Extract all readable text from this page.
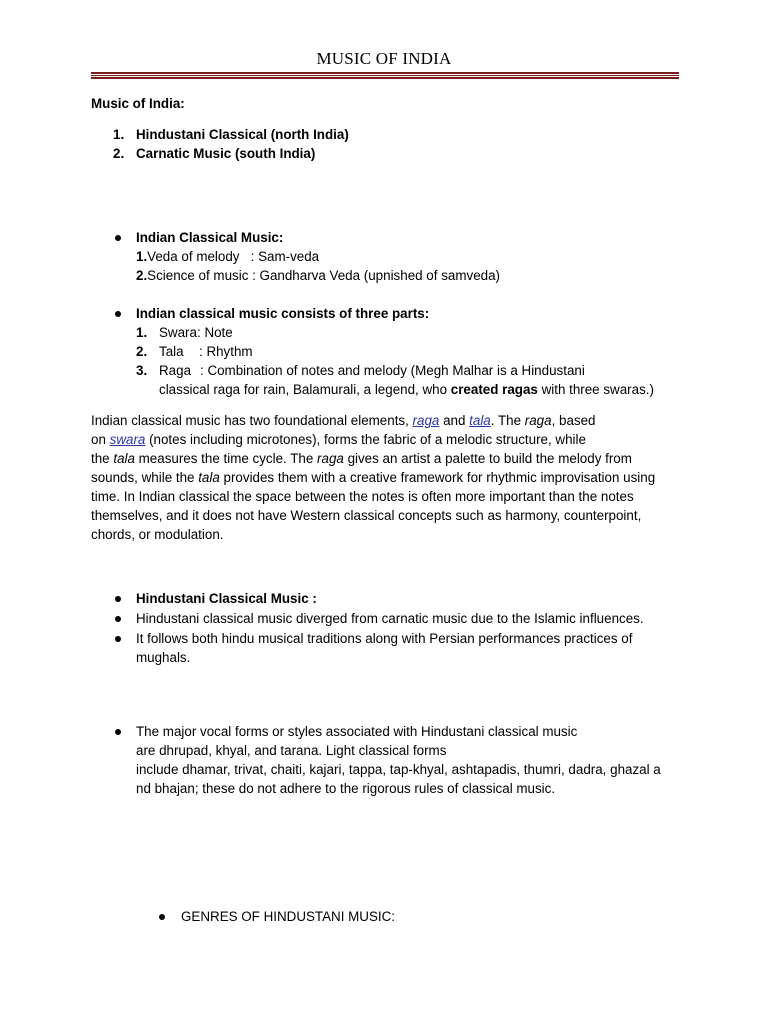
MUSIC OF INDIA
Music of India:
1. Hindustani Classical (north India)
2. Carnatic Music (south India)
Indian Classical Music:
1.Veda of melody   : Sam-veda
2.Science of music : Gandharva Veda (upnished of samveda)
Indian classical music consists of three parts:
1. Swara : Note
2. Tala : Rhythm
3. Raga : Combination of notes and melody (Megh Malhar is a Hindustani
classical raga for rain, Balamurali, a legend, who created ragas with three swaras.)
Indian classical music has two foundational elements, raga and tala. The raga, based
on swara (notes including microtones), forms the fabric of a melodic structure, while
the tala measures the time cycle. The raga gives an artist a palette to build the melody from
sounds, while the tala provides them with a creative framework for rhythmic improvisation using
time. In Indian classical the space between the notes is often more important than the notes
themselves, and it does not have Western classical concepts such as harmony, counterpoint,
chords, or modulation.
Hindustani Classical Music :
Hindustani classical music diverged from carnatic music due to the Islamic influences.
It follows both hindu musical traditions along with Persian performances practices of
mughals.
The major vocal forms or styles associated with Hindustani classical music
are dhrupad, khyal, and tarana. Light classical forms
include dhamar, trivat, chaiti, kajari, tappa, tap-khyal, ashtapadis, thumri, dadra, ghazal a
nd bhajan; these do not adhere to the rigorous rules of classical music.
GENRES OF HINDUSTANI MUSIC:
